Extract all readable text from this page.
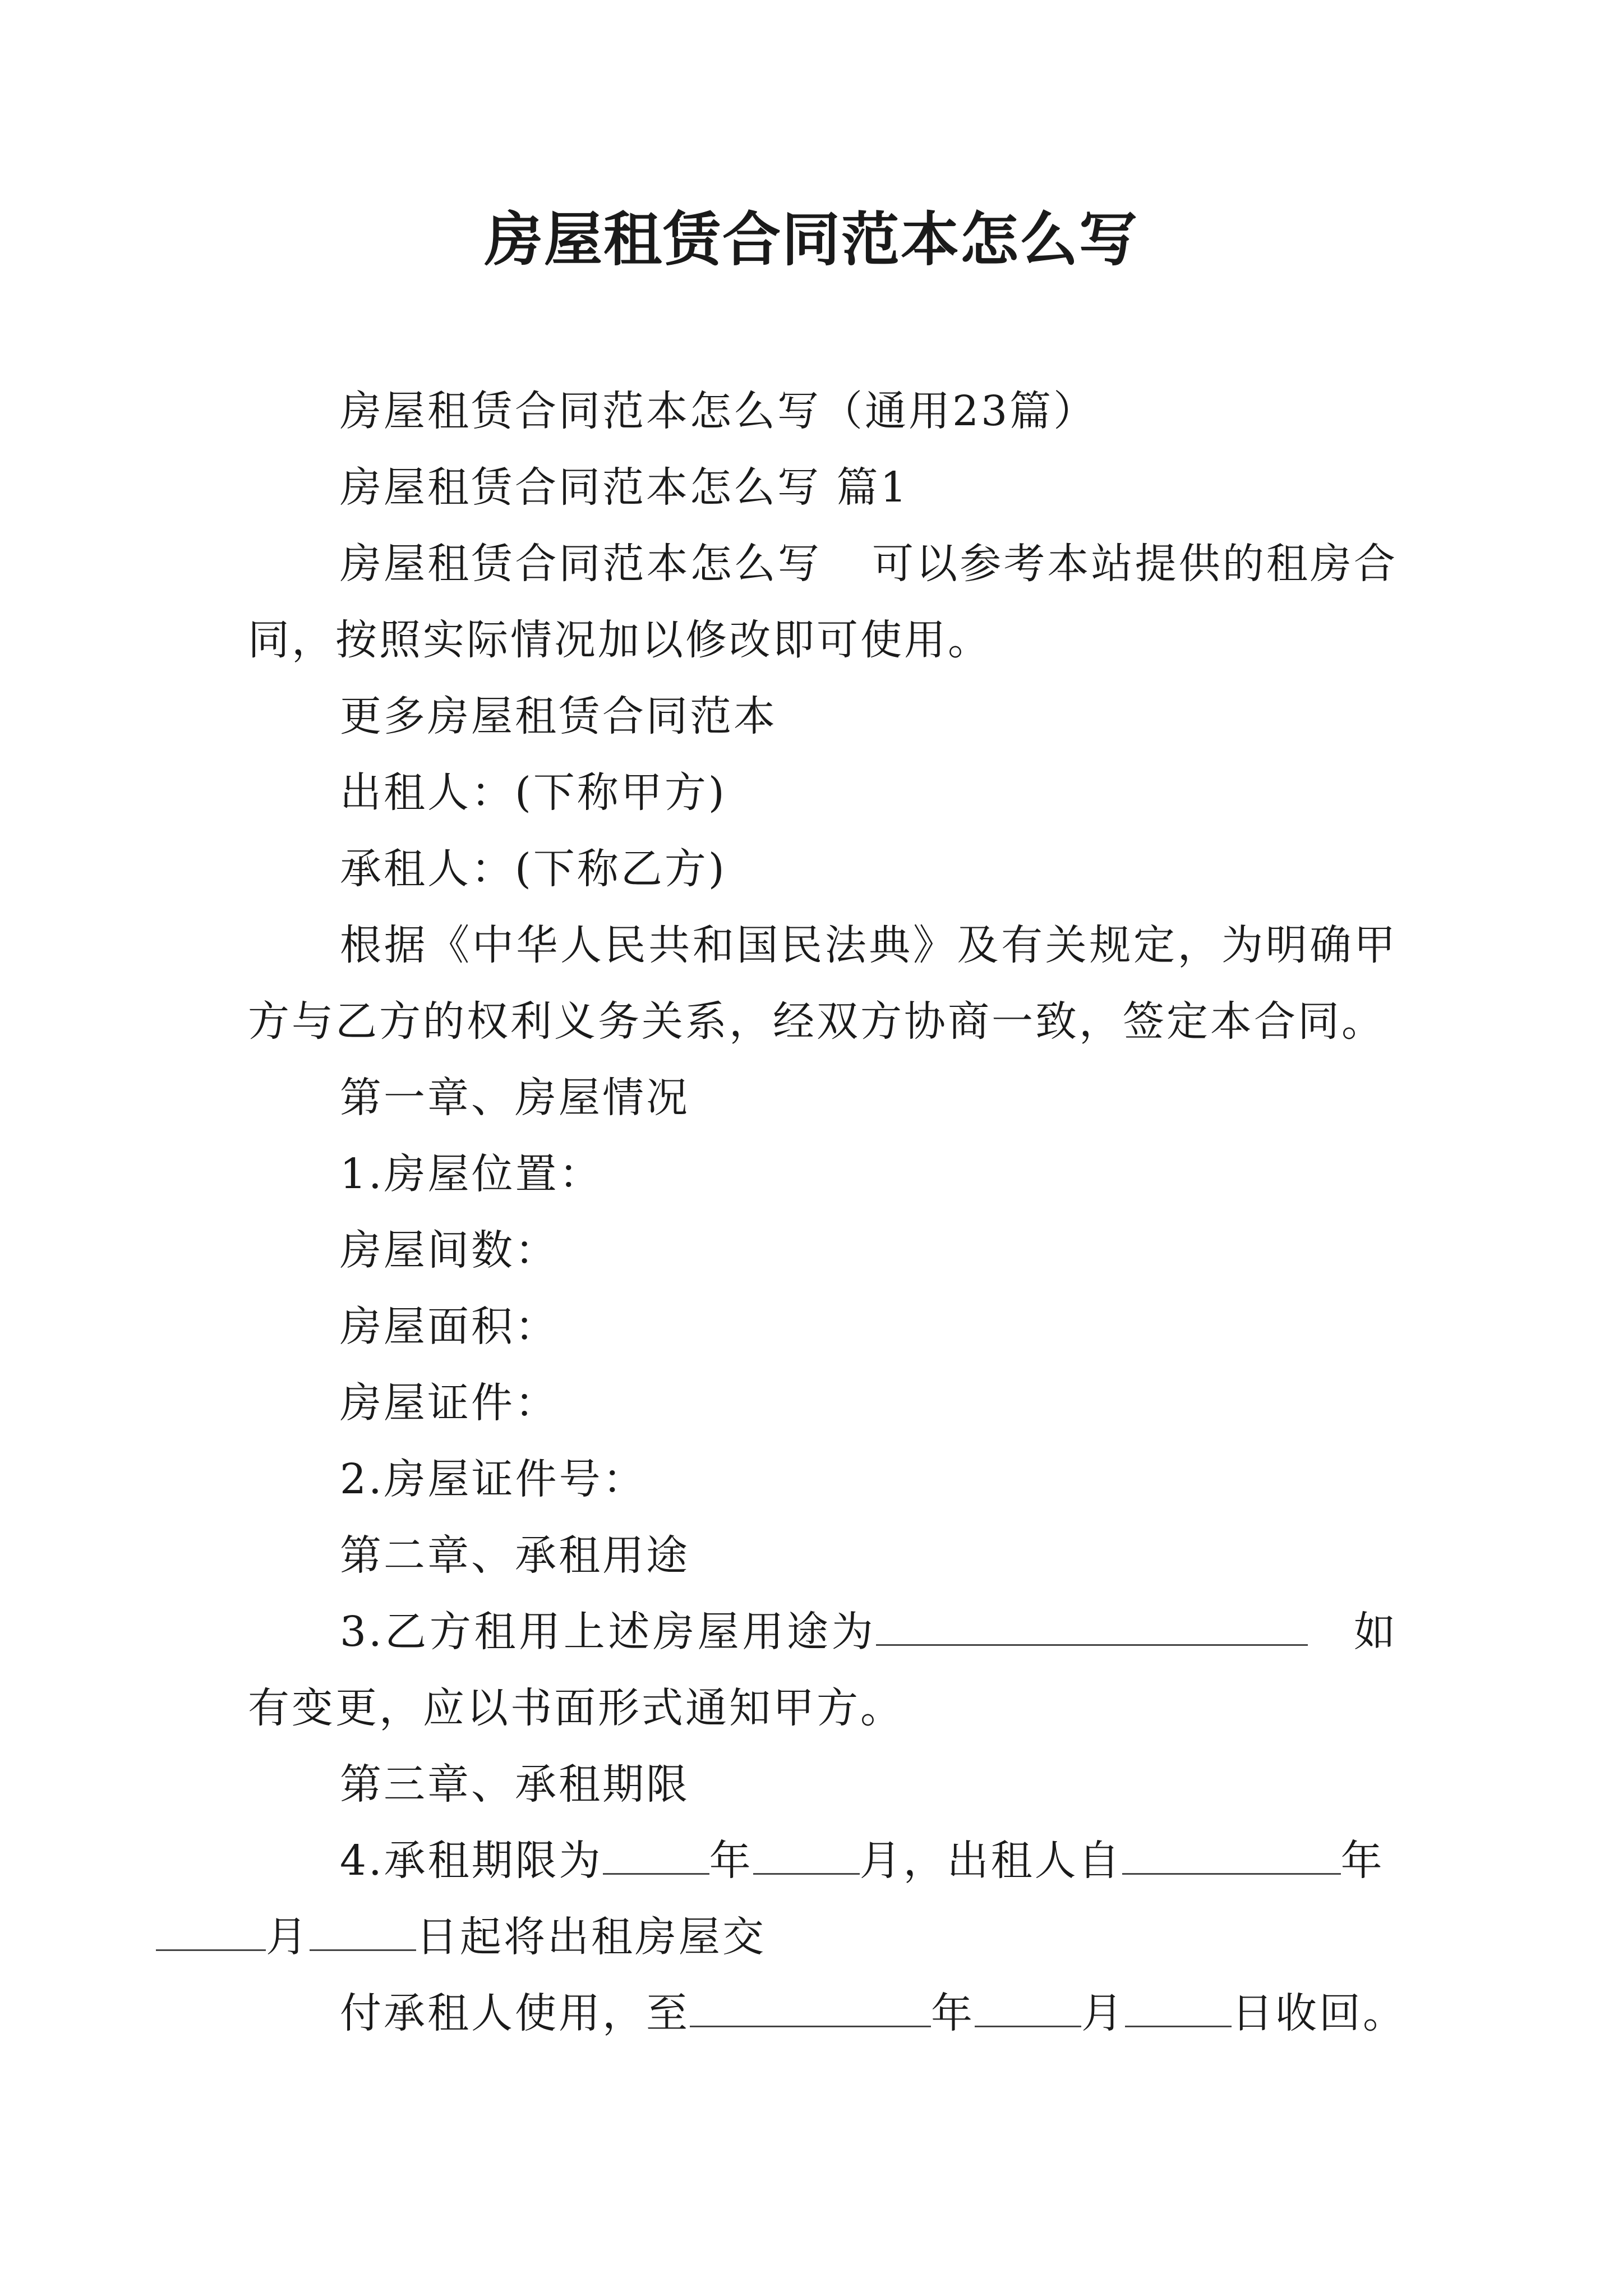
房屋租赁合同范本怎么写

房屋租赁合同范本怎么写（通用23篇）

房屋租赁合同范本怎么写 篇1

房屋租赁合同范本怎么写 可以参考本站提供的租房合同，按照实际情况加以修改即可使用。

更多房屋租赁合同范本

出租人：(下称甲方)

承租人：(下称乙方)

根据《中华人民共和国民法典》及有关规定，为明确甲方与乙方的权利义务关系，经双方协商一致，签定本合同。

第一章、房屋情况

1.房屋位置：

房屋间数：

房屋面积：

房屋证件：

2.房屋证件号：

第二章、承租用途

3.乙方租用上述房屋用途为	如有变更，应以书面形式通知甲方。

第三章、承租期限

4.承租期限为	年	月，出租人自	年
月	日起将出租房屋交

付承租人使用，至	年	月	日收回。
